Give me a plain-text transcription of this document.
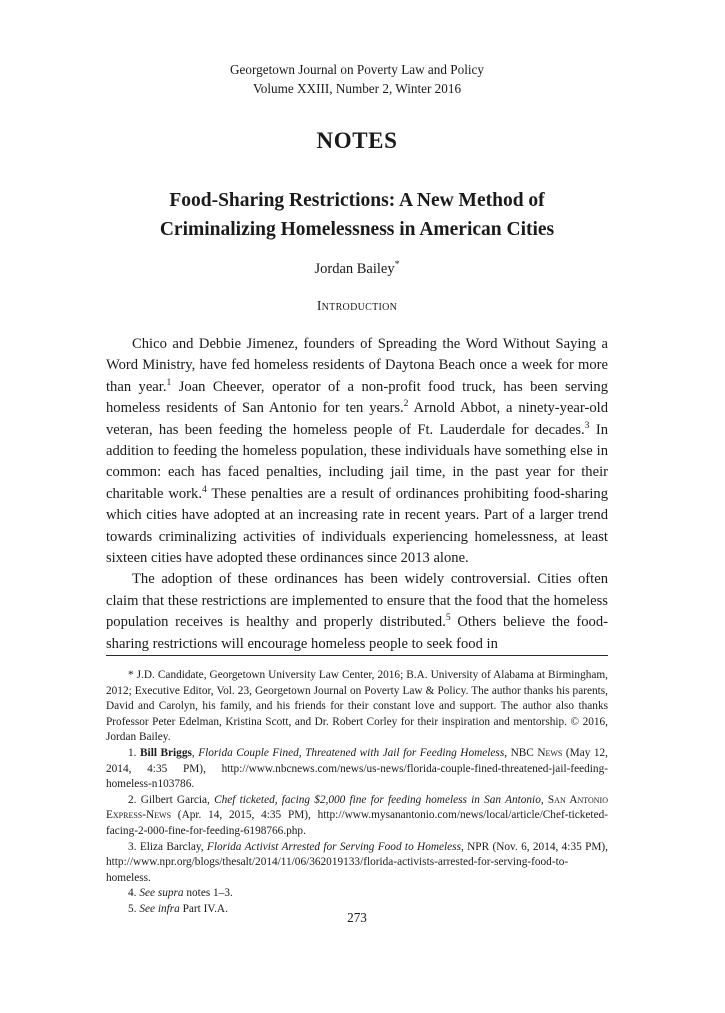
Georgetown Journal on Poverty Law and Policy
Volume XXIII, Number 2, Winter 2016
NOTES
Food-Sharing Restrictions: A New Method of
Criminalizing Homelessness in American Cities
Jordan Bailey*
Introduction

Chico and Debbie Jimenez, founders of Spreading the Word Without Saying a Word Ministry, have fed homeless residents of Daytona Beach once a week for more than year.$^1$ Joan Cheever, operator of a non-profit food truck, has been serving homeless residents of San Antonio for ten years.$^2$ Arnold Abbot, a ninety-year-old veteran, has been feeding the homeless people of Ft. Lauderdale for decades.$^3$ In addition to feeding the homeless population, these individuals have something else in common: each has faced penalties, including jail time, in the past year for their charitable work.$^4$ These penalties are a result of ordinances prohibiting food-sharing which cities have adopted at an increasing rate in recent years. Part of a larger trend towards criminalizing activities of individuals experiencing homelessness, at least sixteen cities have adopted these ordinances since 2013 alone.

The adoption of these ordinances has been widely controversial. Cities often claim that these restrictions are implemented to ensure that the food that the homeless population receives is healthy and properly distributed.$^5$ Others believe the food-sharing restrictions will encourage homeless people to seek food in

* J.D. Candidate, Georgetown University Law Center, 2016; B.A. University of Alabama at Birmingham, 2012; Executive Editor, Vol. 23, Georgetown Journal on Poverty Law & Policy. The author thanks his parents, David and Carolyn, his family, and his friends for their constant love and support. The author also thanks Professor Peter Edelman, Kristina Scott, and Dr. Robert Corley for their inspiration and mentorship. © 2016, Jordan Bailey.

1. Bill Briggs, Florida Couple Fined, Threatened with Jail for Feeding Homeless, NBC News (May 12, 2014, 4:35 PM), http://www.nbcnews.com/news/us-news/florida-couple-fined-threatened-jail-feeding-homeless-n103786.

2. Gilbert Garcia, Chef ticketed, facing $2,000 fine for feeding homeless in San Antonio, San Antonio Express-News (Apr. 14, 2015, 4:35 PM), http://www.mysanantonio.com/news/local/article/Chef-ticketed-facing-2-000-fine-for-feeding-6198766.php.

3. Eliza Barclay, Florida Activist Arrested for Serving Food to Homeless, NPR (Nov. 6, 2014, 4:35 PM), http://www.npr.org/blogs/thesalt/2014/11/06/362019133/florida-activists-arrested-for-serving-food-to-homeless.

4. See supra notes 1–3.

5. See infra Part IV.A.

273
